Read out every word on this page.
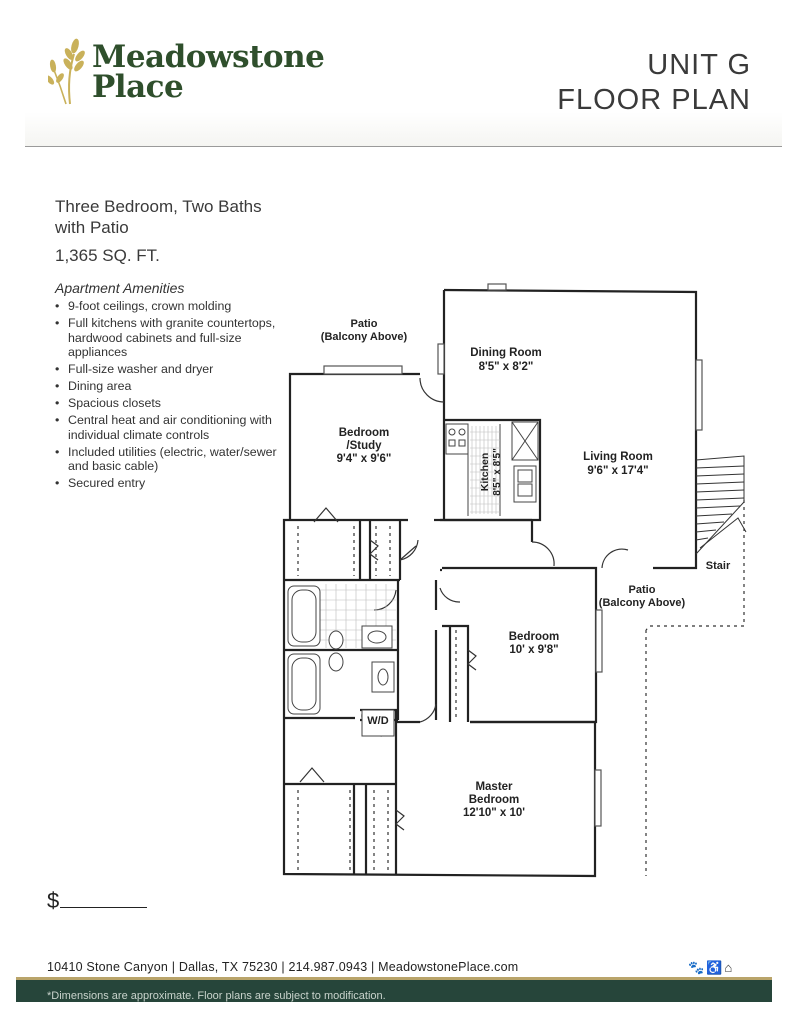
Meadowstone
Place
UNIT G
FLOOR PLAN
Three Bedroom, Two Baths
with Patio
1,365 SQ. FT.
Apartment Amenities
• 9-foot ceilings, crown molding
• Full kitchens with granite countertops, hardwood cabinets and full-size appliances
• Full-size washer and dryer
• Dining area
• Spacious closets
• Central heat and air conditioning with individual climate controls
• Included utilities (electric, water/sewer and basic cable)
• Secured entry
Patio
(Balcony Above)
Dining Room
8'5" x 8'2"
Bedroom
/Study
9'4" x 9'6"	Kitchen 8'5" x 8'5"	Living Room
9'6" x 17'4"
Stair
Patio
(Balcony Above)
Bedroom
10' x 9'8"
W/D
Master
Bedroom
12'10" x 10'
$
10410 Stone Canyon | Dallas, TX 75230 | 214.987.0943 | MeadowstonePlace.com	🐾♿⌂
*Dimensions are approximate. Floor plans are subject to modification.
